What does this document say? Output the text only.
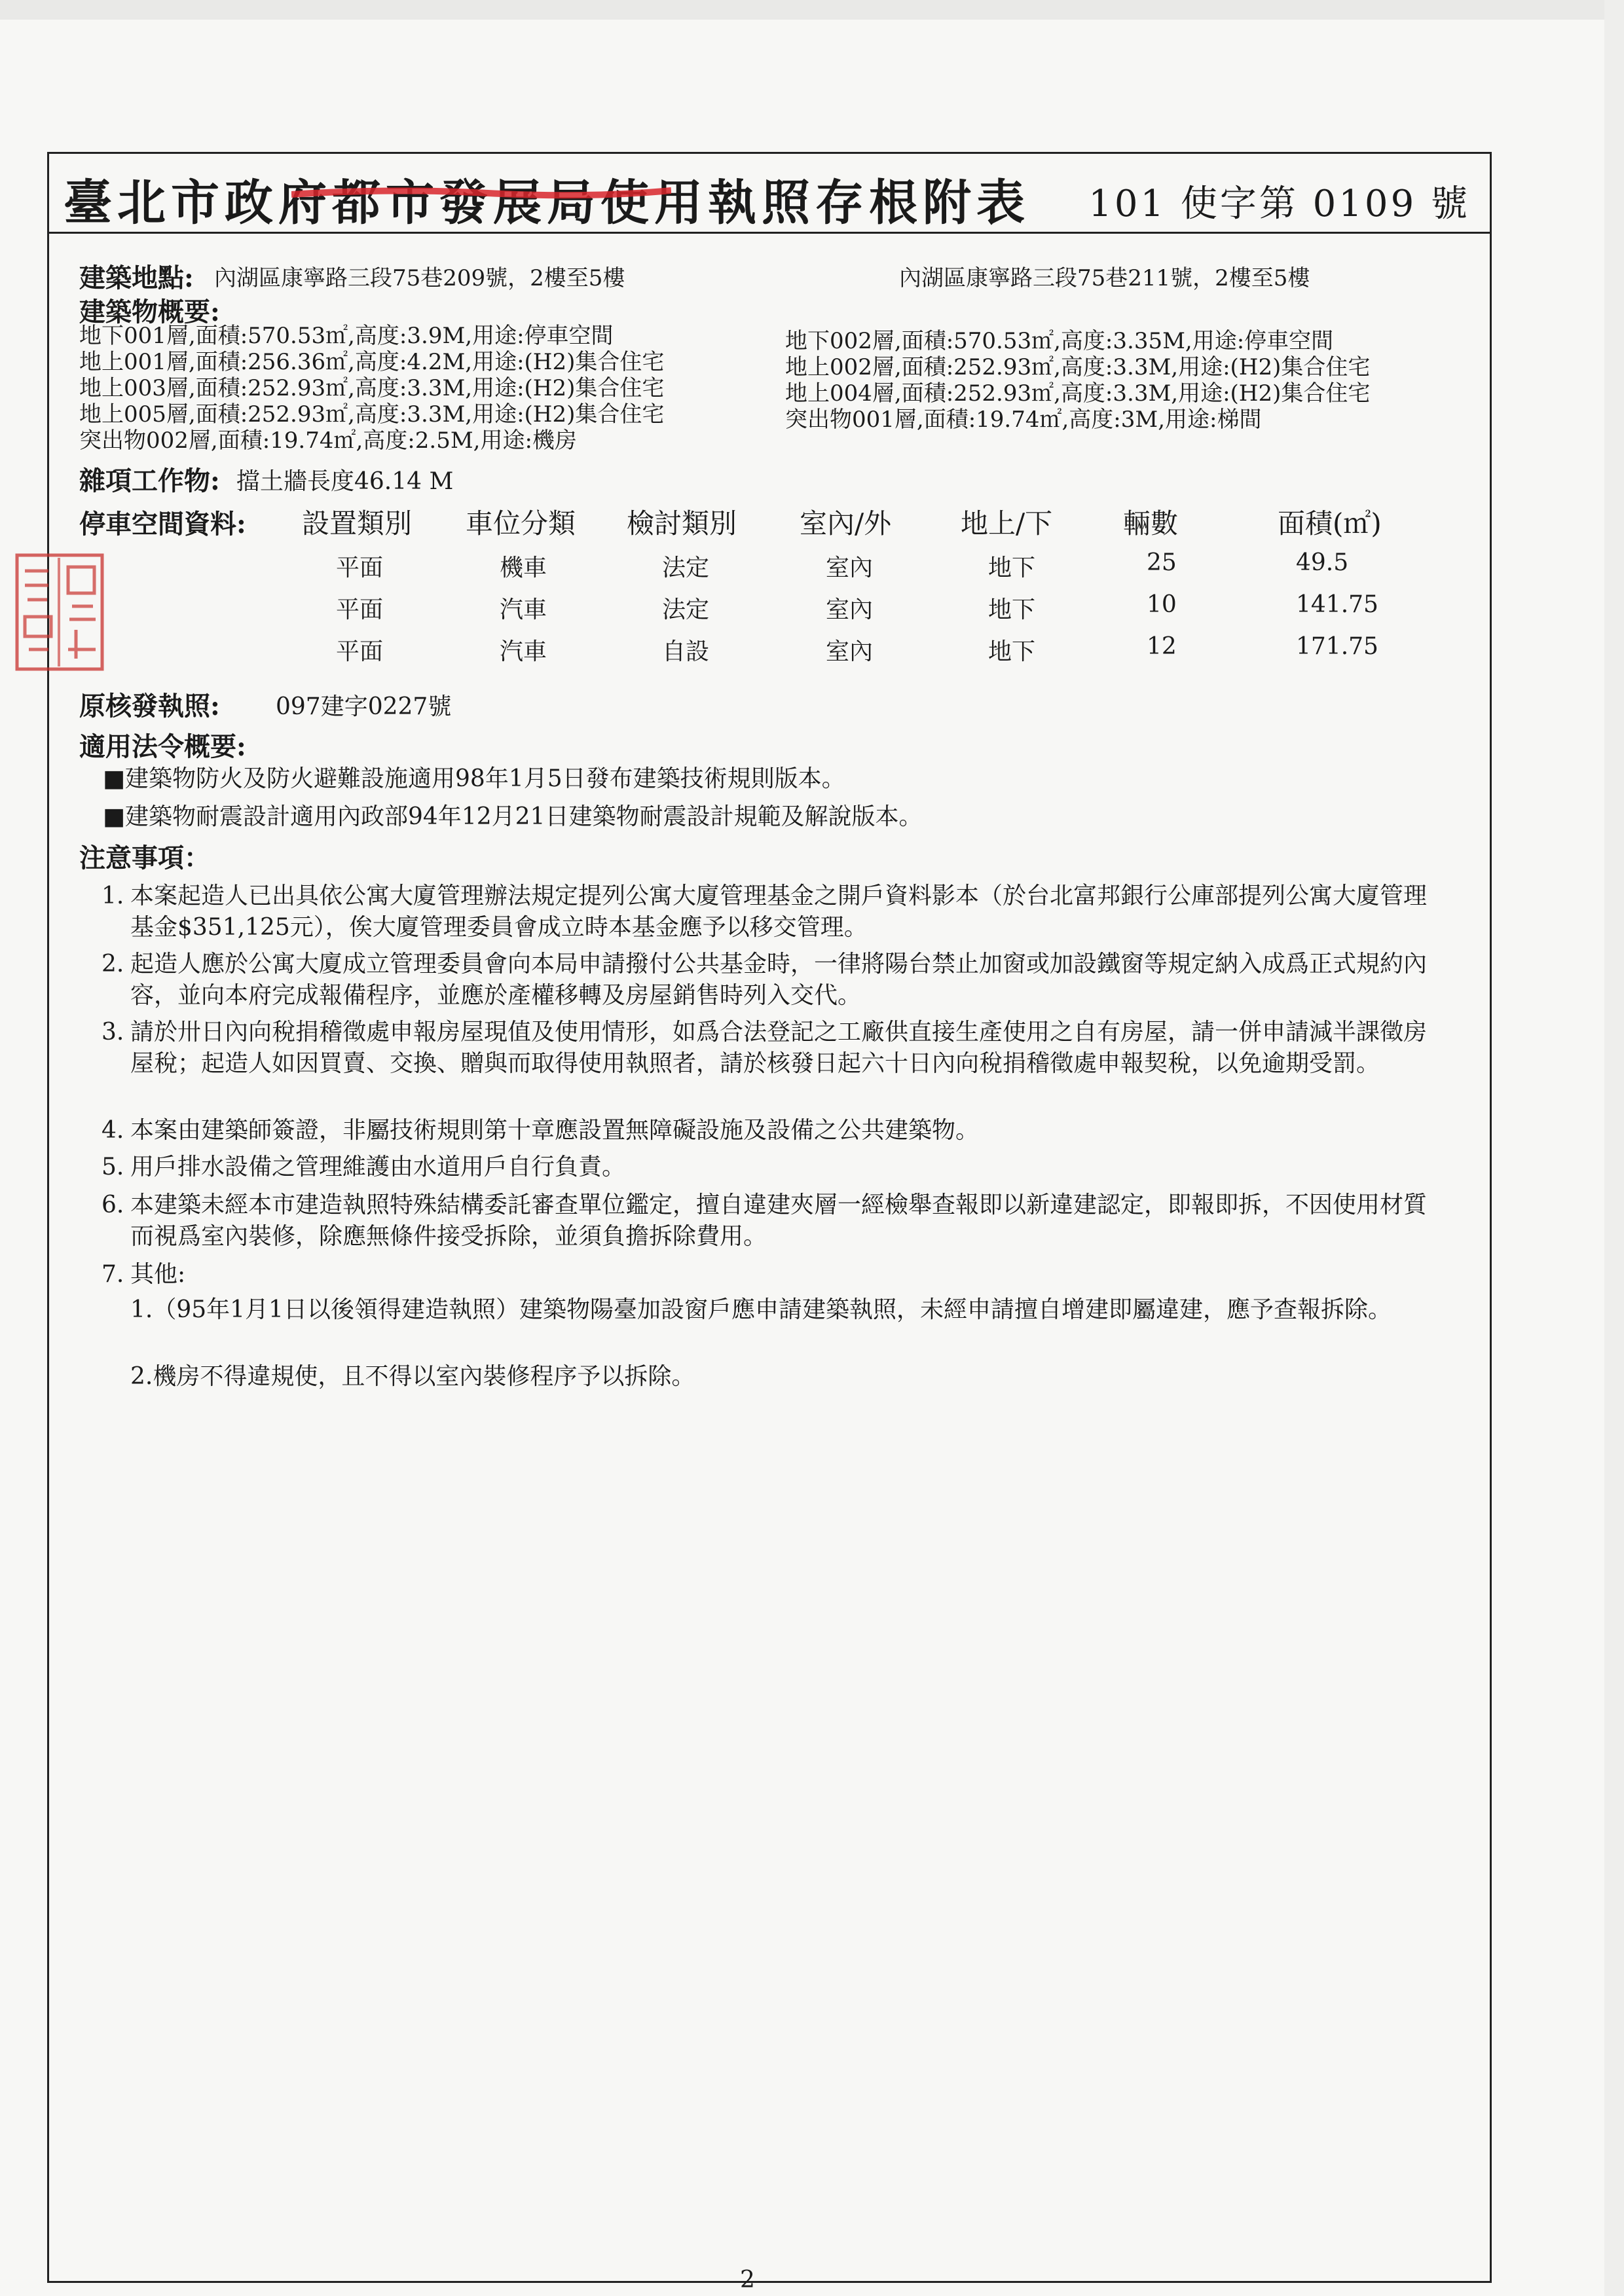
臺北市政府都市發展局使用執照存根附表 101 使字第 0109 號
建築地點: 內湖區康寧路三段75巷209號，2樓至5樓	內湖區康寧路三段75巷211號，2樓至5樓
建築物概要:
地下001層,面積:570.53㎡,高度:3.9M,用途:停車空間
地上001層,面積:256.36㎡,高度:4.2M,用途:(H2)集合住宅
地上003層,面積:252.93㎡,高度:3.3M,用途:(H2)集合住宅
地上005層,面積:252.93㎡,高度:3.3M,用途:(H2)集合住宅
突出物002層,面積:19.74㎡,高度:2.5M,用途:機房
地下002層,面積:570.53㎡,高度:3.35M,用途:停車空間
地上002層,面積:252.93㎡,高度:3.3M,用途:(H2)集合住宅
地上004層,面積:252.93㎡,高度:3.3M,用途:(H2)集合住宅
突出物001層,面積:19.74㎡,高度:3M,用途:梯間
雜項工作物: 擋土牆長度46.14 M
停車空間資料: 設置類別 車位分類 檢討類別 室內/外	地上/下	輛數	面積(㎡)
平面	機車	法定	室內	地下	25	49.5
平面	汽車	法定	室內	地下	10	141.75
平面	汽車	自設	室內	地下	12	171.75
原核發執照: 097建字0227號
適用法令概要:
■建築物防火及防火避難設施適用98年1月5日發布建築技術規則版本。
■建築物耐震設計適用內政部94年12月21日建築物耐震設計規範及解說版本。
注意事項：
1. 本案起造人已出具依公寓大廈管理辦法規定提列公寓大廈管理基金之開戶資料影本（於台北富邦銀行公庫部提列公寓大廈管理基金$351,125元），俟大廈管理委員會成立時本基金應予以移交管理。
2. 起造人應於公寓大廈成立管理委員會向本局申請撥付公共基金時，一律將陽台禁止加窗或加設鐵窗等規定納入成爲正式規約內容，並向本府完成報備程序，並應於產權移轉及房屋銷售時列入交代。
3. 請於卅日內向稅捐稽徵處申報房屋現值及使用情形，如爲合法登記之工廠供直接生產使用之自有房屋，請一併申請減半課徵房屋稅；起造人如因買賣、交換、贈與而取得使用執照者，請於核發日起六十日內向稅捐稽徵處申報契稅，以免逾期受罰。
4. 本案由建築師簽證，非屬技術規則第十章應設置無障礙設施及設備之公共建築物。
5. 用戶排水設備之管理維護由水道用戶自行負責。
6. 本建築未經本市建造執照特殊結構委託審查單位鑑定，擅自違建夾層一經檢舉查報即以新違建認定，即報即拆，不因使用材質而視爲室內裝修，除應無條件接受拆除，並須負擔拆除費用。
7. 其他:
1.（95年1月1日以後領得建造執照）建築物陽臺加設窗戶應申請建築執照，未經申請擅自增建即屬違建，應予查報拆除。
2.機房不得違規使，且不得以室內裝修程序予以拆除。
2
